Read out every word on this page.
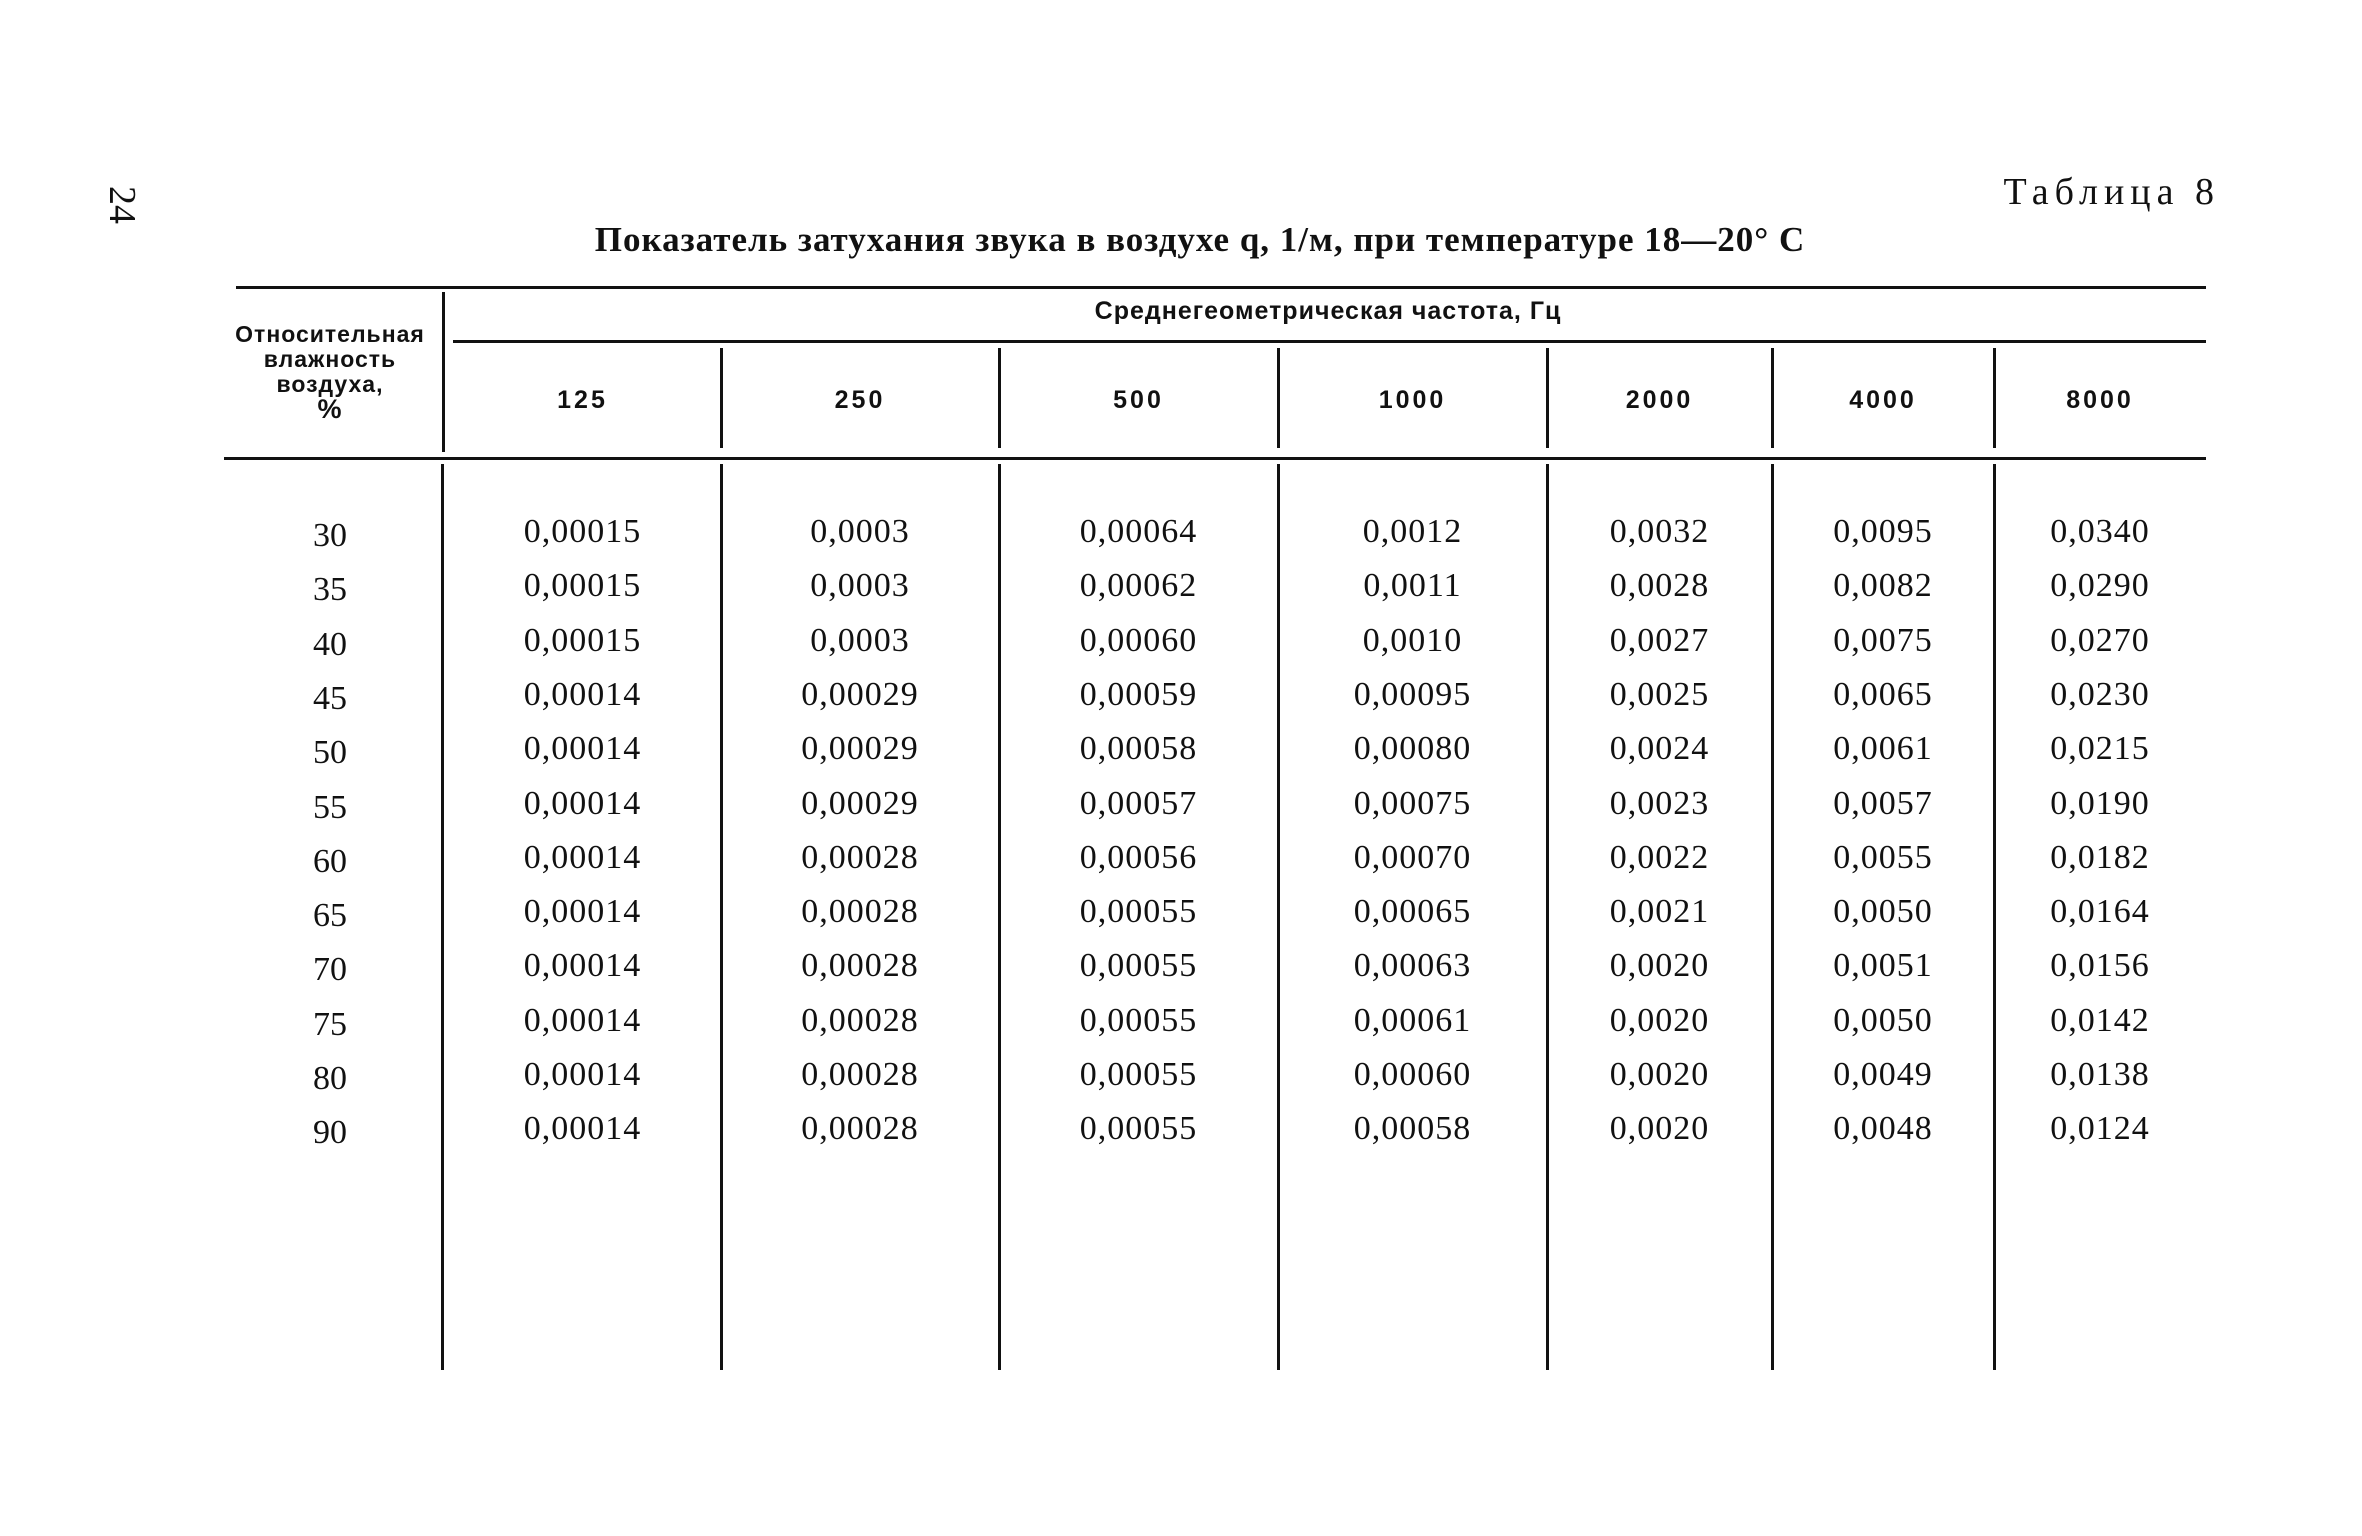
24	Таблица 8
Показатель затухания звука в воздухе q, 1/м, при температуре 18—20° С
Относительная
влажность
воздуха,
%
Среднегеометрическая частота, Гц
125	250	500	1000	2000	4000	8000
30	0,00015	0,0003	0,00064	0,0012	0,0032	0,0095	0,0340
35	0,00015	0,0003	0,00062	0,0011	0,0028	0,0082	0,0290
40	0,00015	0,0003	0,00060	0,0010	0,0027	0,0075	0,0270
45	0,00014	0,00029	0,00059	0,00095	0,0025	0,0065	0,0230
50	0,00014	0,00029	0,00058	0,00080	0,0024	0,0061	0,0215
55	0,00014	0,00029	0,00057	0,00075	0,0023	0,0057	0,0190
60	0,00014	0,00028	0,00056	0,00070	0,0022	0,0055	0,0182
65	0,00014	0,00028	0,00055	0,00065	0,0021	0,0050	0,0164
70	0,00014	0,00028	0,00055	0,00063	0,0020	0,0051	0,0156
75	0,00014	0,00028	0,00055	0,00061	0,0020	0,0050	0,0142
80	0,00014	0,00028	0,00055	0,00060	0,0020	0,0049	0,0138
90	0,00014	0,00028	0,00055	0,00058	0,0020	0,0048	0,0124
